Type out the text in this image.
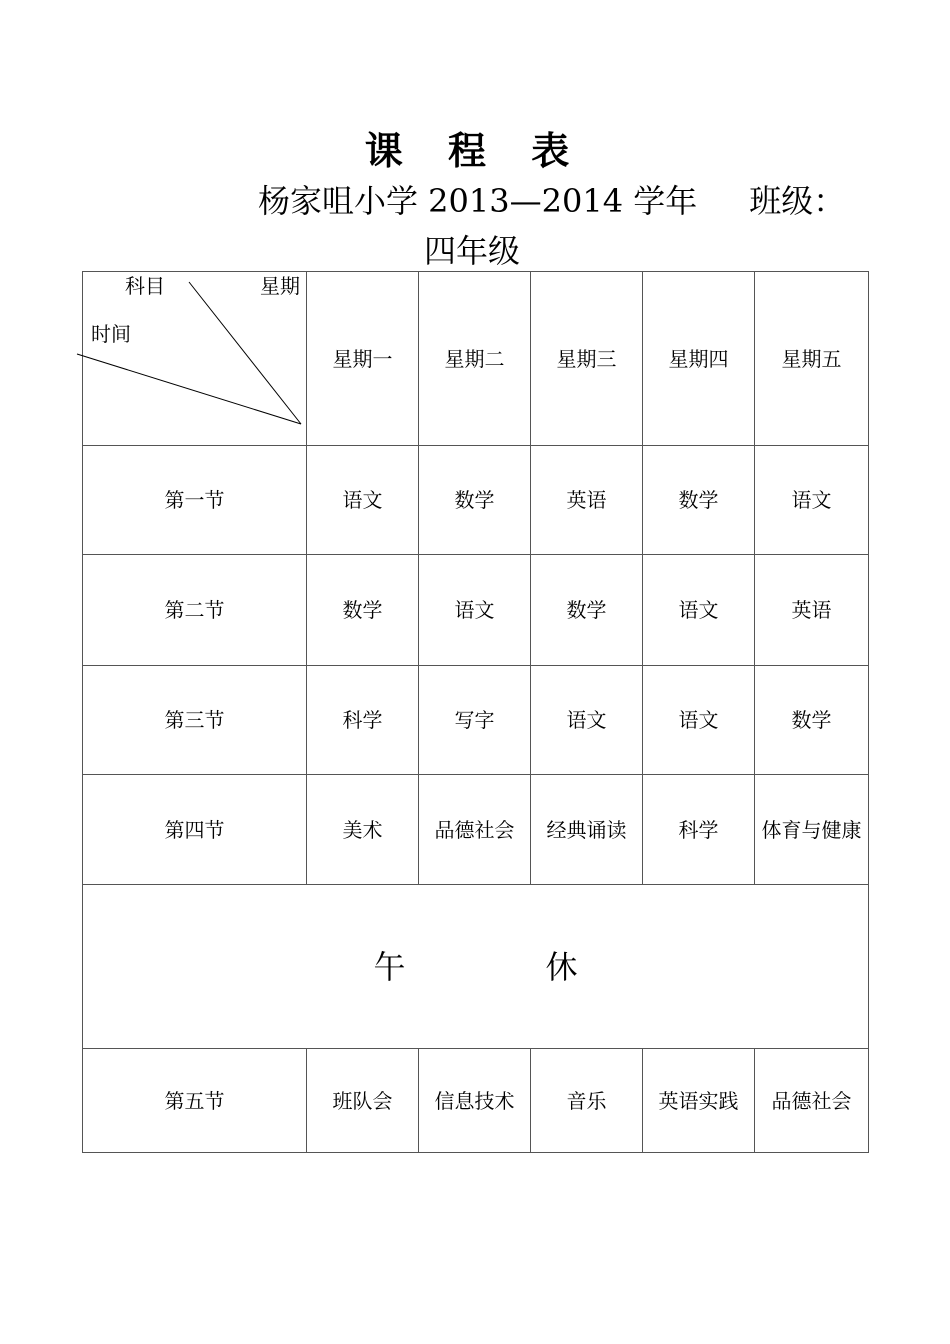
课 程 表
杨家咀小学 2013—2014 学年 班级：
四年级
科目 星期
时间	星期一	星期二	星期三	星期四	星期五
第一节	语文	数学	英语	数学	语文
第二节	数学	语文	数学	语文	英语
第三节	科学	写字	语文	语文	数学
第四节	美术	品德社会	经典诵读	科学	体育与健康
午 休					
第五节	班队会	信息技术	音乐	英语实践	品德社会
